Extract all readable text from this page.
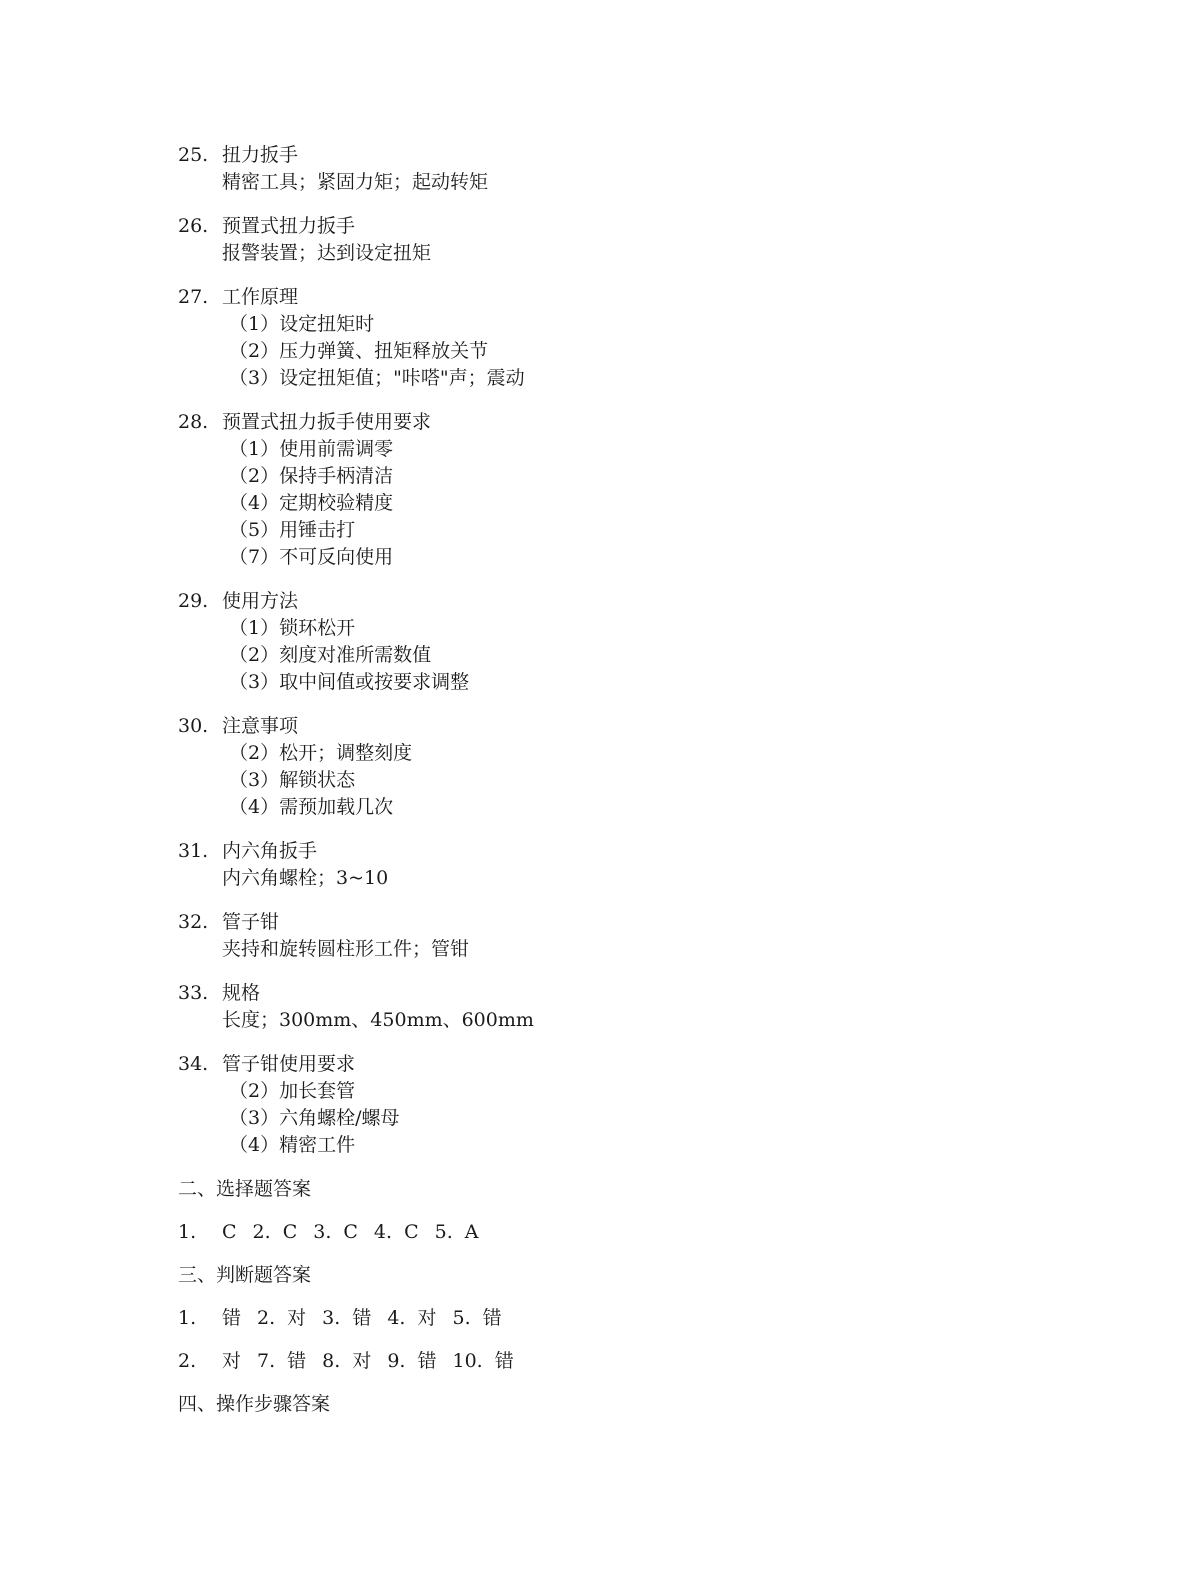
25. 扭力扳手
精密工具；紧固力矩；起动转矩
26. 预置式扭力扳手
报警装置；达到设定扭矩
27. 工作原理
（1）设定扭矩时
（2）压力弹簧、扭矩释放关节
（3）设定扭矩值；"咔嗒"声；震动
28. 预置式扭力扳手使用要求
（1）使用前需调零
（2）保持手柄清洁
（4）定期校验精度
（5）用锤击打
（7）不可反向使用
29. 使用方法
（1）锁环松开
（2）刻度对准所需数值
（3）取中间值或按要求调整
30. 注意事项
（2）松开；调整刻度
（3）解锁状态
（4）需预加载几次
31. 内六角扳手
内六角螺栓；3~10
32. 管子钳
夹持和旋转圆柱形工件；管钳
33. 规格
长度；300mm、450mm、600mm
34. 管子钳使用要求
（2）加长套管
（3）六角螺栓/螺母
（4）精密工件
二、选择题答案
1. C 2. C 3. C 4. C 5. A
三、判断题答案
1. 错 2. 对 3. 错 4. 对 5. 错
2. 对 7. 错 8. 对 9. 错 10. 错
四、操作步骤答案
